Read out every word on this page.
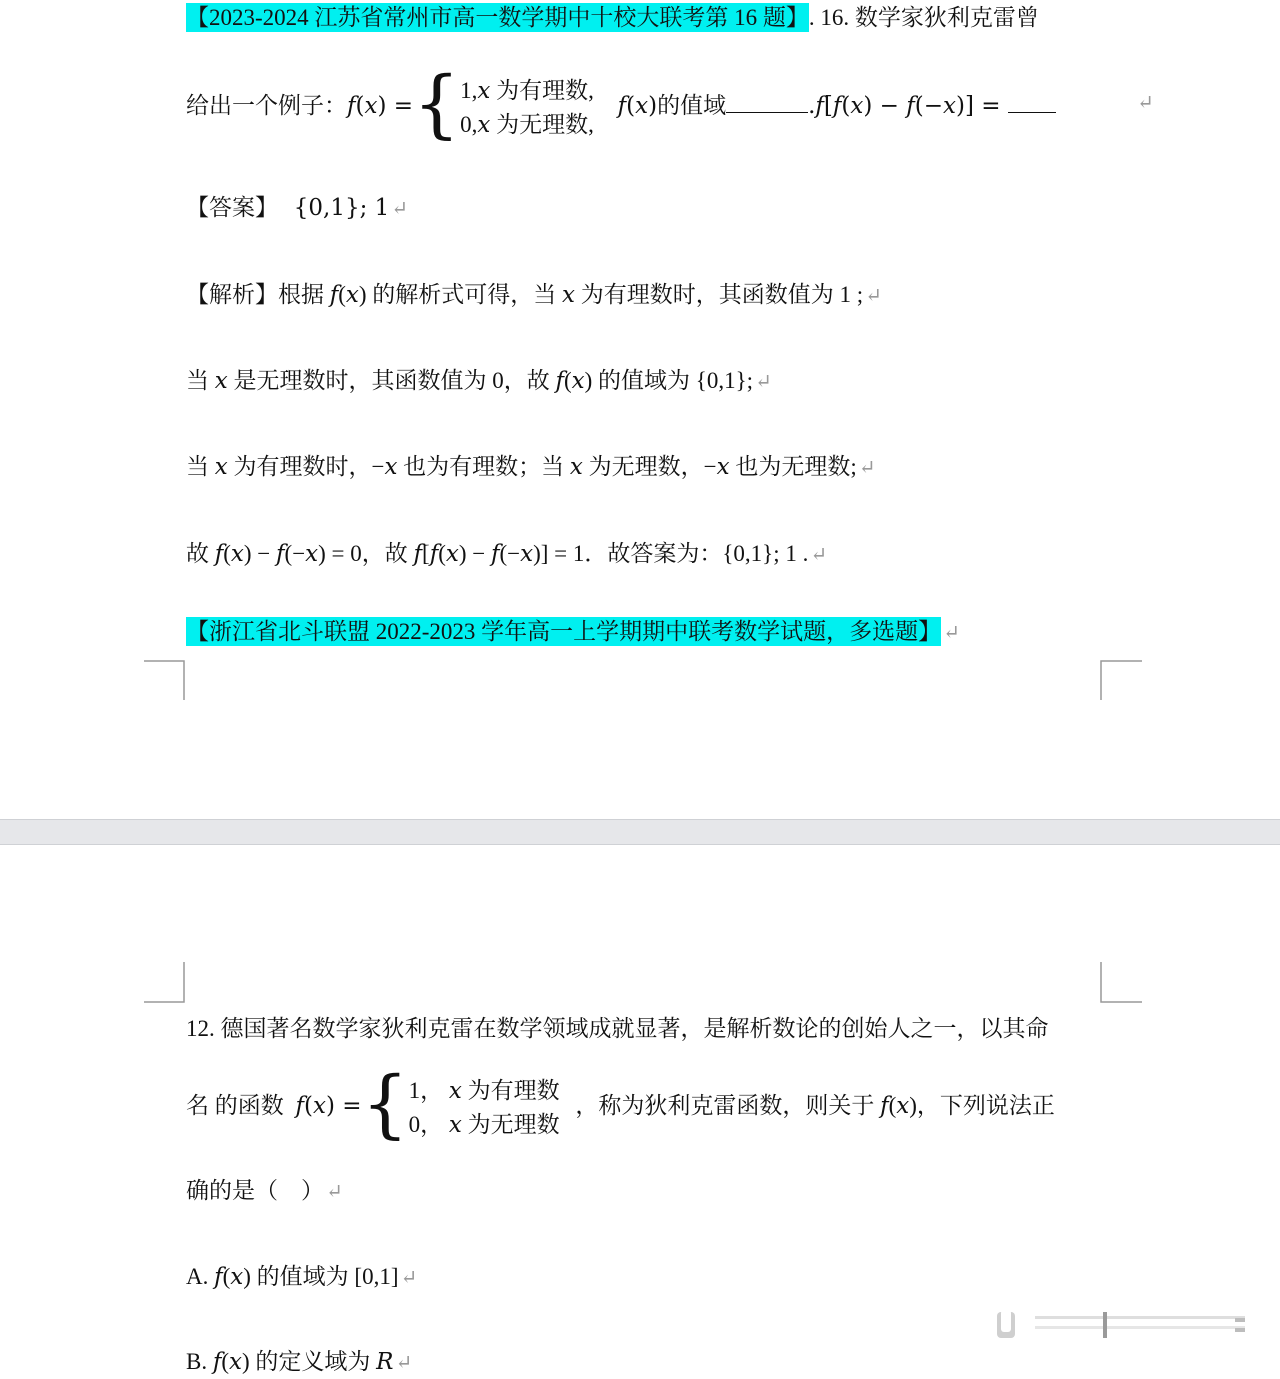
【2023-2024 江苏省常州市高一数学期中十校大联考第 16 题】. 16. 数学家狄利克雷曾
给出一个例子：f(x) ={ 1,𝑥 为有理数,
0,𝑥 为无理数,
f(x)的值域	.f[f(x) − f(−x)] =	↵
【答案】 {0,1}; 1 ↵
【解析】根据 𝑓(𝑥) 的解析式可得，当 𝑥 为有理数时，其函数值为 1 ; ↵
当 𝑥 是无理数时，其函数值为 0，故 𝑓(𝑥) 的值域为 {0,1}; ↵
当 𝑥 为有理数时，−𝑥 也为有理数；当 𝑥 为无理数，−𝑥 也为无理数; ↵
故 𝑓(𝑥) − 𝑓(−𝑥) = 0，故 𝑓[𝑓(𝑥) − 𝑓(−𝑥)] = 1．故答案为：{0,1}; 1 . ↵
【浙江省北斗联盟 2022-2023 学年高一上学期期中联考数学试题，多选题】 ↵
12. 德国著名数学家狄利克雷在数学领域成就显著，是解析数论的创始人之一，以其命
名 的函数 f(x) ={ 1， 𝑥 为有理数
0， 𝑥 为无理数
，称为狄利克雷函数，则关于 𝑓(𝑥)，下列说法正
确的是（　） ↵
A. 𝑓(𝑥) 的值域为 [0,1] ↵
B. 𝑓(𝑥) 的定义域为 𝑅 ↵
